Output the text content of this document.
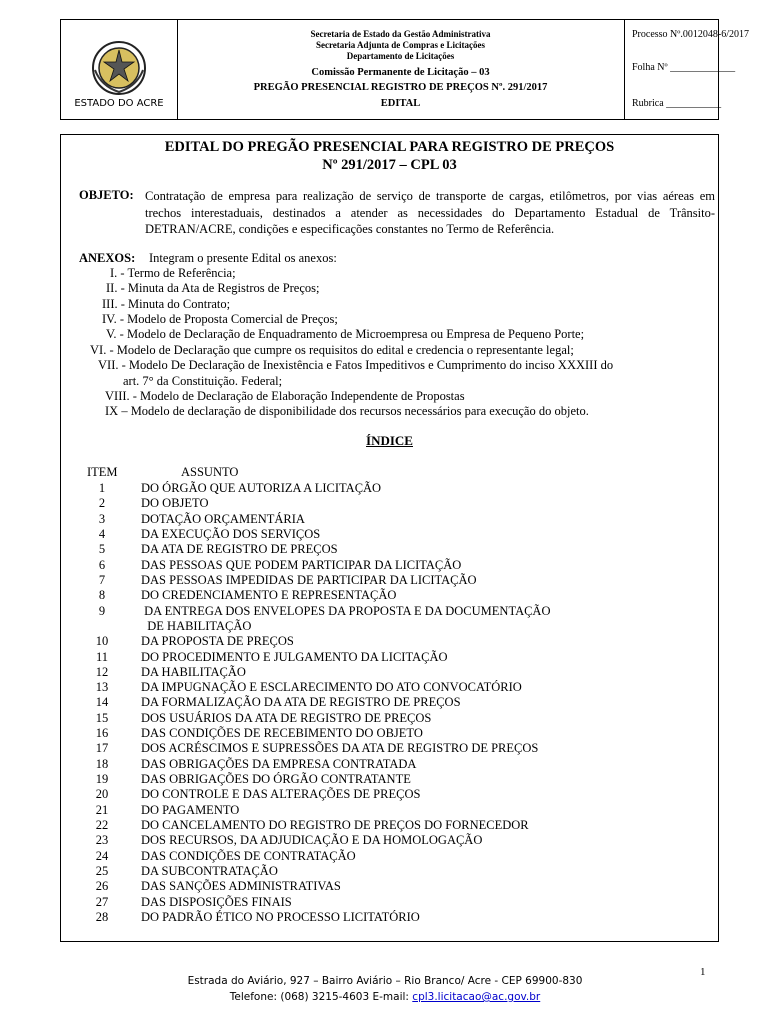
ESTADO DO ACRE
Secretaria de Estado da Gestão Administrativa
Secretaria Adjunta de Compras e Licitações
Departamento de Licitações
Comissão Permanente de Licitação – 03
PREGÃO PRESENCIAL REGISTRO DE PREÇOS Nº. 291/2017
EDITAL
Processo Nº.0012048-6/2017
Folha Nº _____________
Rubrica ___________
EDITAL DO PREGÃO PRESENCIAL PARA REGISTRO DE PREÇOS
Nº 291/2017 – CPL 03
OBJETO: Contratação de empresa para realização de serviço de transporte de cargas, etilômetros, por vias aéreas em trechos interestaduais, destinados a atender as necessidades do Departamento Estadual de Trânsito- DETRAN/ACRE, condições e especificações constantes no Termo de Referência.
ANEXOS: Integram o presente Edital os anexos:
I. - Termo de Referência;
II. - Minuta da Ata de Registros de Preços;
III. - Minuta do Contrato;
IV. - Modelo de Proposta Comercial de Preços;
V. - Modelo de Declaração de Enquadramento de Microempresa ou Empresa de Pequeno Porte;
VI. - Modelo de Declaração que cumpre os requisitos do edital e credencia o representante legal;
VII. - Modelo De Declaração de Inexistência e Fatos Impeditivos e Cumprimento do inciso XXXIII do
art. 7° da Constituição. Federal;
VIII. - Modelo de Declaração de Elaboração Independente de Propostas
IX – Modelo de declaração de disponibilidade dos recursos necessários para execução do objeto.
ÍNDICE
ITEM	ASSUNTO
1	DO ÓRGÃO QUE AUTORIZA A LICITAÇÃO
2	DO OBJETO
3	DOTAÇÃO ORÇAMENTÁRIA
4	DA EXECUÇÃO DOS SERVIÇOS
5	DA ATA DE REGISTRO DE PREÇOS
6	DAS PESSOAS QUE PODEM PARTICIPAR DA LICITAÇÃO
7	DAS PESSOAS IMPEDIDAS DE PARTICIPAR DA LICITAÇÃO
8	DO CREDENCIAMENTO E REPRESENTAÇÃO
9	DA ENTREGA DOS ENVELOPES DA PROPOSTA E DA DOCUMENTAÇÃO
DE HABILITAÇÃO
10	DA PROPOSTA DE PREÇOS
11	DO PROCEDIMENTO E JULGAMENTO DA LICITAÇÃO
12	DA HABILITAÇÃO
13	DA IMPUGNAÇÃO E ESCLARECIMENTO DO ATO CONVOCATÓRIO
14	DA FORMALIZAÇÃO DA ATA DE REGISTRO DE PREÇOS
15	DOS USUÁRIOS DA ATA DE REGISTRO DE PREÇOS
16	DAS CONDIÇÕES DE RECEBIMENTO DO OBJETO
17	DOS ACRÉSCIMOS E SUPRESSÕES DA ATA DE REGISTRO DE PREÇOS
18	DAS OBRIGAÇÕES DA EMPRESA CONTRATADA
19	DAS OBRIGAÇÕES DO ÓRGÃO CONTRATANTE
20	DO CONTROLE E DAS ALTERAÇÕES DE PREÇOS
21	DO PAGAMENTO
22	DO CANCELAMENTO DO REGISTRO DE PREÇOS DO FORNECEDOR
23	DOS RECURSOS, DA ADJUDICAÇÃO E DA HOMOLOGAÇÃO
24	DAS CONDIÇÕES DE CONTRATAÇÃO
25	DA SUBCONTRATAÇÃO
26	DAS SANÇÕES ADMINISTRATIVAS
27	DAS DISPOSIÇÕES FINAIS
28	DO PADRÃO ÉTICO NO PROCESSO LICITATÓRIO
1
Estrada do Aviário, 927 – Bairro Aviário – Rio Branco/ Acre - CEP 69900-830
Telefone: (068) 3215-4603 E-mail: cpl3.licitacao@ac.gov.br
